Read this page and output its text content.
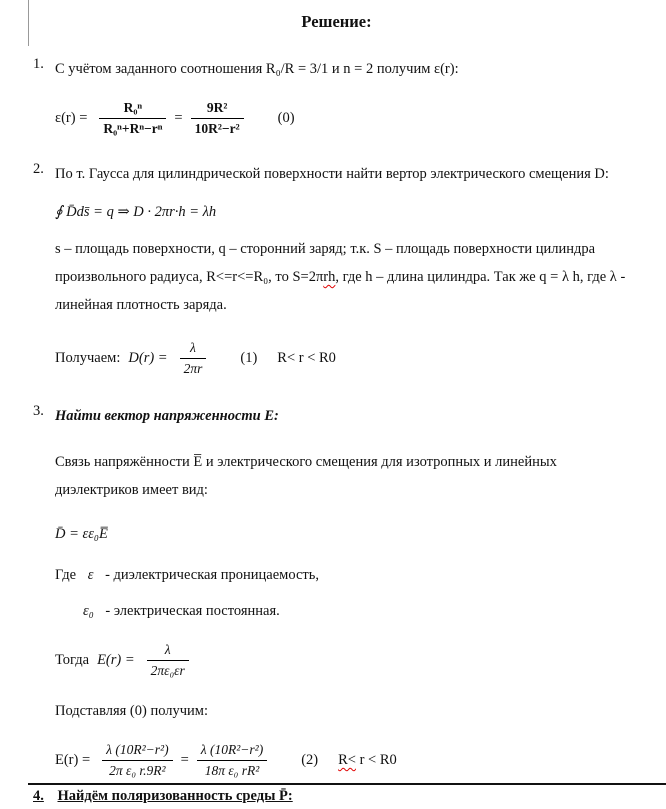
Решение:
1. С учётом заданного соотношения R₀/R = 3/1 и n = 2 получим ε(r):
$\varepsilon(r) = \frac{\text{R₀ⁿ}}{\text{R₀ⁿ+Rⁿ−rⁿ}} = \frac{\text{9R²}}{\text{10R²−r²}} (0)$
2. По т. Гаусса для цилиндрической поверхности найти вертор электрического смещения D:
∮ D̄ds̄ = q ⇒ D · 2πr·h = λh
s – площадь поверхности, q – сторонний заряд; т.к. S – площадь поверхности цилиндра произвольного радиуса, R<=r<=R₀, то S=2πrh, где h – длина цилиндра. Так же q = λ h, где λ - линейная плотность заряда.
Получаем: $D(r) = \frac{\lambda}{2\pi r} (1)$ R< r < R0
3. Найти вектор напряженности E:
Связь напряжённости E̅ и электрического смещения для изотропных и линейных диэлектриков имеет вид:
D̄ = εε₀E̅
Где ε - диэлектрическая проницаемость,
ε₀ - электрическая постоянная.
Тогда $E(r) = \frac{\lambda}{\text{2πε₀εr}}$
Подставляя (0) получим:
$E(r) = \frac{\text{λ (10R²−r²)}}{\text{2π ε₀ r.9R²}} = \frac{\text{λ (10R²−r²)}}{\text{18π ε₀ rR²}} (2)$ R< r < R0
4. Найдём поляризованность среды P̄:
